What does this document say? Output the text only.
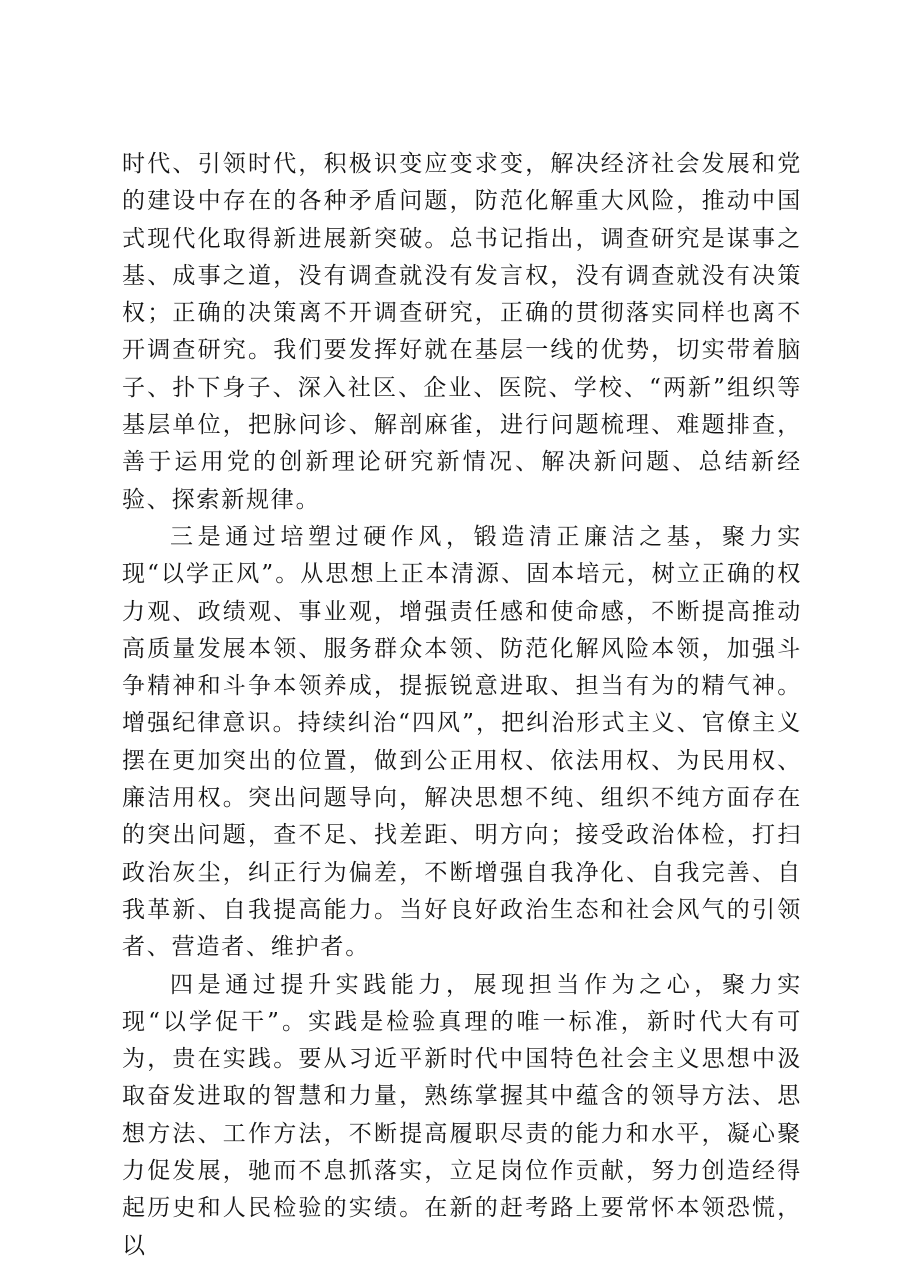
时代、引领时代，积极识变应变求变，解决经济社会发展和党的建设中存在的各种矛盾问题，防范化解重大风险，推动中国式现代化取得新进展新突破。总书记指出，调查研究是谋事之基、成事之道，没有调查就没有发言权，没有调查就没有决策权；正确的决策离不开调查研究，正确的贯彻落实同样也离不开调查研究。我们要发挥好就在基层一线的优势，切实带着脑子、扑下身子、深入社区、企业、医院、学校、“两新”组织等基层单位，把脉问诊、解剖麻雀，进行问题梳理、难题排查，善于运用党的创新理论研究新情况、解决新问题、总结新经验、探索新规律。

三是通过培塑过硬作风，锻造清正廉洁之基，聚力实现“以学正风”。从思想上正本清源、固本培元，树立正确的权力观、政绩观、事业观，增强责任感和使命感，不断提高推动高质量发展本领、服务群众本领、防范化解风险本领，加强斗争精神和斗争本领养成，提振锐意进取、担当有为的精气神。增强纪律意识。持续纠治“四风”，把纠治形式主义、官僚主义摆在更加突出的位置，做到公正用权、依法用权、为民用权、廉洁用权。突出问题导向，解决思想不纯、组织不纯方面存在的突出问题，查不足、找差距、明方向；接受政治体检，打扫政治灰尘，纠正行为偏差，不断增强自我净化、自我完善、自我革新、自我提高能力。当好良好政治生态和社会风气的引领者、营造者、维护者。

四是通过提升实践能力，展现担当作为之心，聚力实现“以学促干”。实践是检验真理的唯一标准，新时代大有可为，贵在实践。要从习近平新时代中国特色社会主义思想中汲取奋发进取的智慧和力量，熟练掌握其中蕴含的领导方法、思想方法、工作方法，不断提高履职尽责的能力和水平，凝心聚力促发展，驰而不息抓落实，立足岗位作贡献，努力创造经得起历史和人民检验的实绩。在新的赶考路上要常怀本领恐慌，以
